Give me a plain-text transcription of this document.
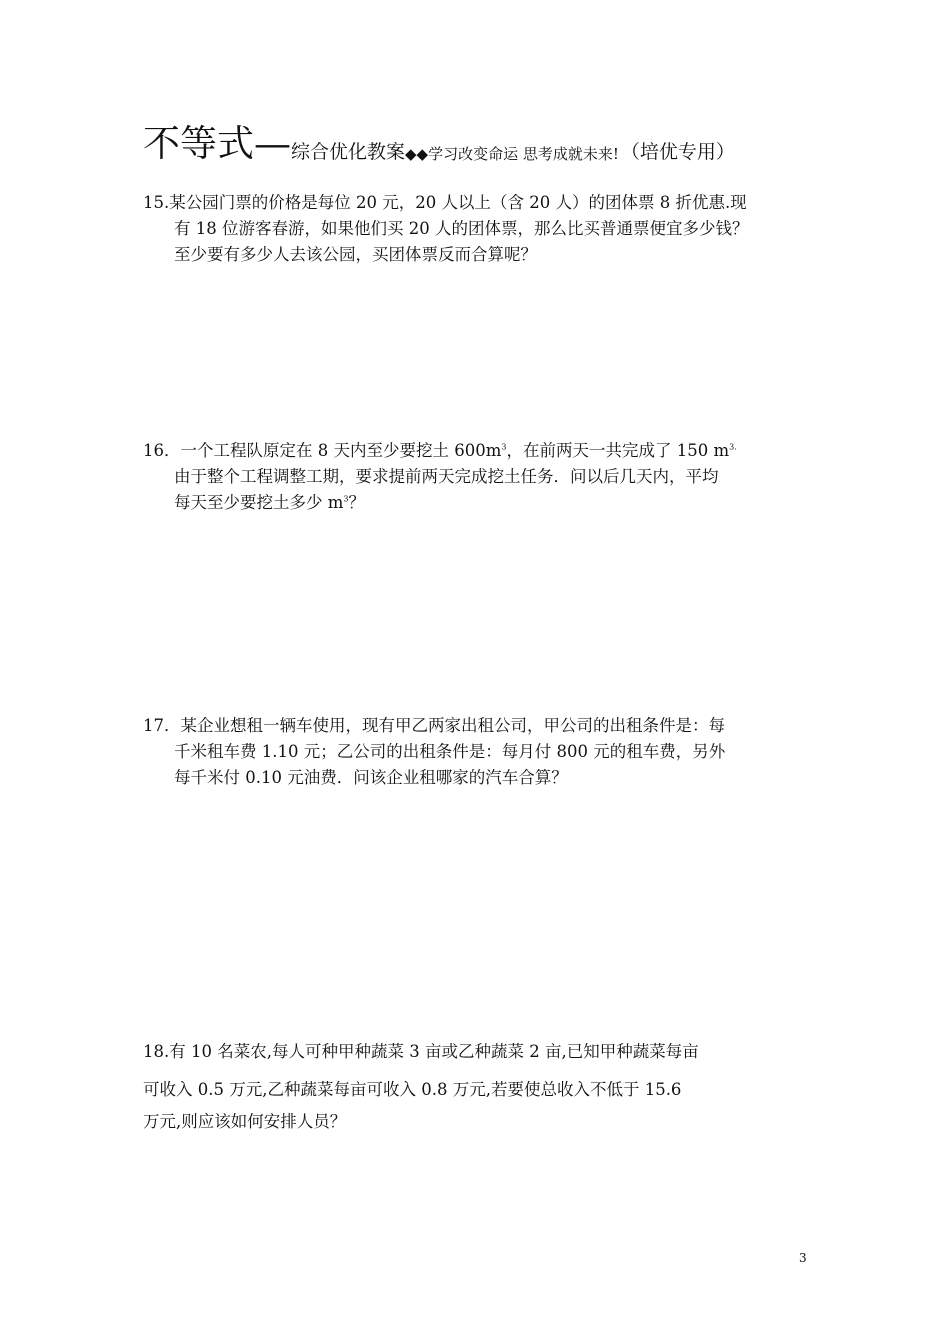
不等式—综合优化教案◆◆学习改变命运 思考成就未来! （培优专用）
15.某公园门票的价格是每位 20 元，20 人以上（含 20 人）的团体票 8 折优惠.现
有 18 位游客春游，如果他们买 20 人的团体票，那么比买普通票便宜多少钱？
至少要有多少人去该公园，买团体票反而合算呢？
16．一个工程队原定在 8 天内至少要挖土 $600m^3$，在前两天一共完成了 150 $m^{3.}$
由于整个工程调整工期，要求提前两天完成挖土任务．问以后几天内，平均
每天至少要挖土多少 $m^3$？
17．某企业想租一辆车使用，现有甲乙两家出租公司，甲公司的出租条件是：每
千米租车费 1.10 元；乙公司的出租条件是：每月付 800 元的租车费，另外
每千米付 0.10 元油费．问该企业租哪家的汽车合算？
18.有 10 名菜农,每人可种甲种蔬菜 3 亩或乙种蔬菜 2 亩,已知甲种蔬菜每亩
可收入 0.5 万元,乙种蔬菜每亩可收入 0.8 万元,若要使总收入不低于 15.6
万元,则应该如何安排人员？
3
